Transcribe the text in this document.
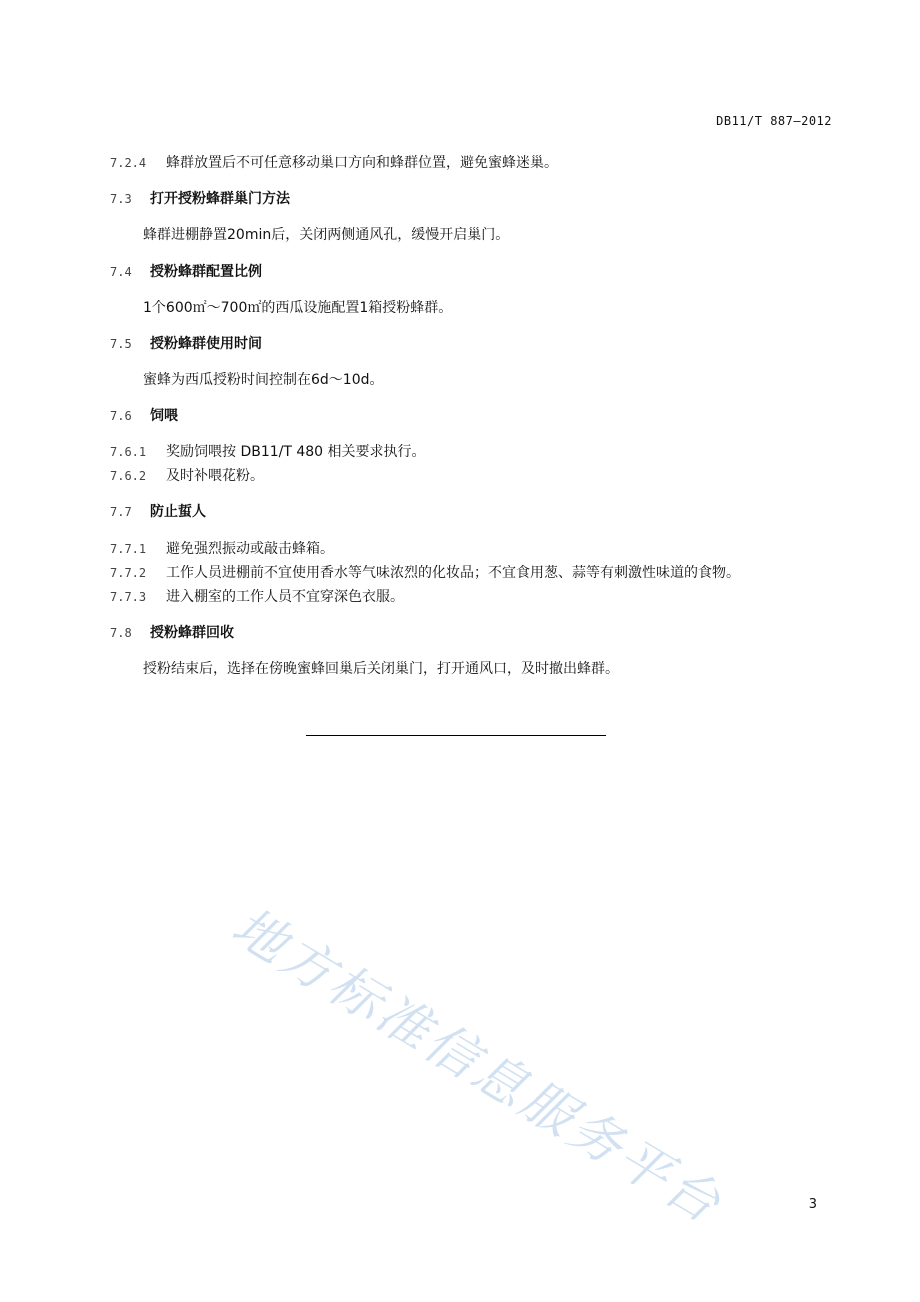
DB11/T 887—2012
7.2.4 蜂群放置后不可任意移动巢口方向和蜂群位置，避免蜜蜂迷巢。
7.3 打开授粉蜂群巢门方法
蜂群进棚静置20min后，关闭两侧通风孔，缓慢开启巢门。
7.4 授粉蜂群配置比例
1个600㎡～700㎡的西瓜设施配置1箱授粉蜂群。
7.5 授粉蜂群使用时间
蜜蜂为西瓜授粉时间控制在6d～10d。
7.6 饲喂
7.6.1 奖励饲喂按 DB11/T 480 相关要求执行。
7.6.2 及时补喂花粉。
7.7 防止蜇人
7.7.1 避免强烈振动或敲击蜂箱。
7.7.2 工作人员进棚前不宜使用香水等气味浓烈的化妆品；不宜食用葱、蒜等有刺激性味道的食物。
7.7.3 进入棚室的工作人员不宜穿深色衣服。
7.8 授粉蜂群回收
授粉结束后，选择在傍晚蜜蜂回巢后关闭巢门，打开通风口，及时撤出蜂群。
地方标准信息服务平台	3
